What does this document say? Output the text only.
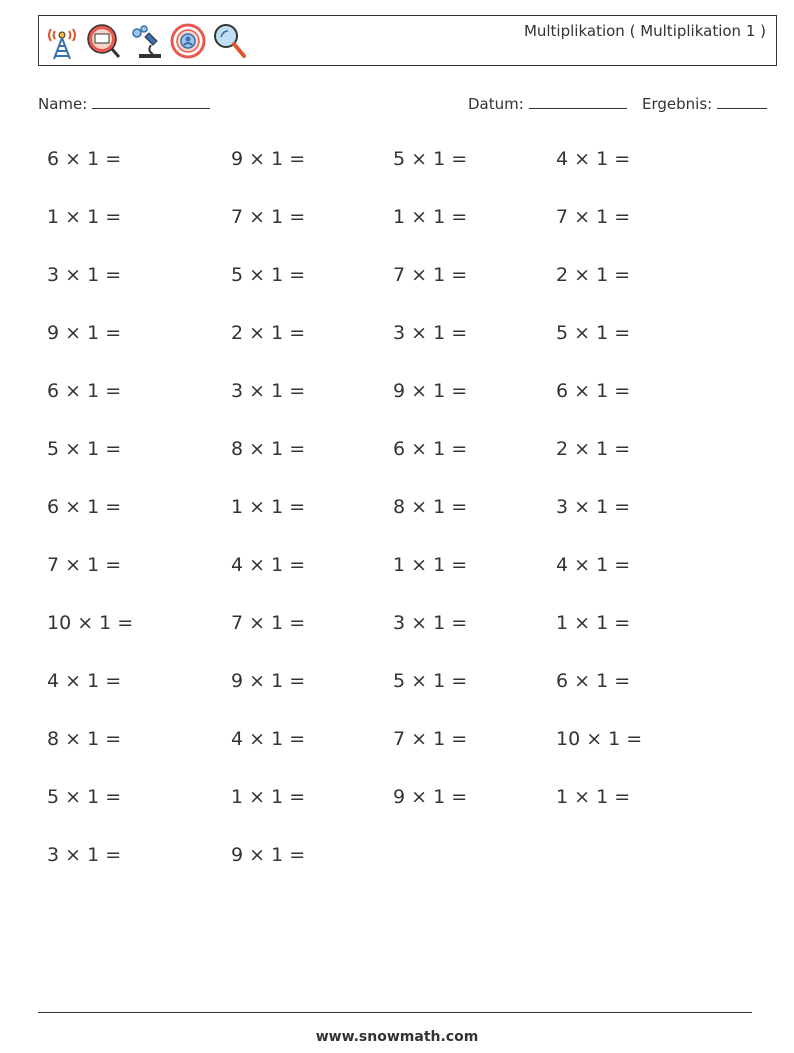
Multiplikation ( Multiplikation 1 )
Name:	Datum:	Ergebnis:
6 × 1 =
1 × 1 =
3 × 1 =
9 × 1 =
6 × 1 =
5 × 1 =
6 × 1 =
7 × 1 =
10 × 1 =
4 × 1 =
8 × 1 =
5 × 1 =
3 × 1 =
9 × 1 =
7 × 1 =
5 × 1 =
2 × 1 =
3 × 1 =
8 × 1 =
1 × 1 =
4 × 1 =
7 × 1 =
9 × 1 =
4 × 1 =
1 × 1 =
9 × 1 =
5 × 1 =
1 × 1 =
7 × 1 =
3 × 1 =
9 × 1 =
6 × 1 =
8 × 1 =
1 × 1 =
3 × 1 =
5 × 1 =
7 × 1 =
9 × 1 =
4 × 1 =
7 × 1 =
2 × 1 =
5 × 1 =
6 × 1 =
2 × 1 =
3 × 1 =
4 × 1 =
1 × 1 =
6 × 1 =
10 × 1 =
1 × 1 =
www.snowmath.com
